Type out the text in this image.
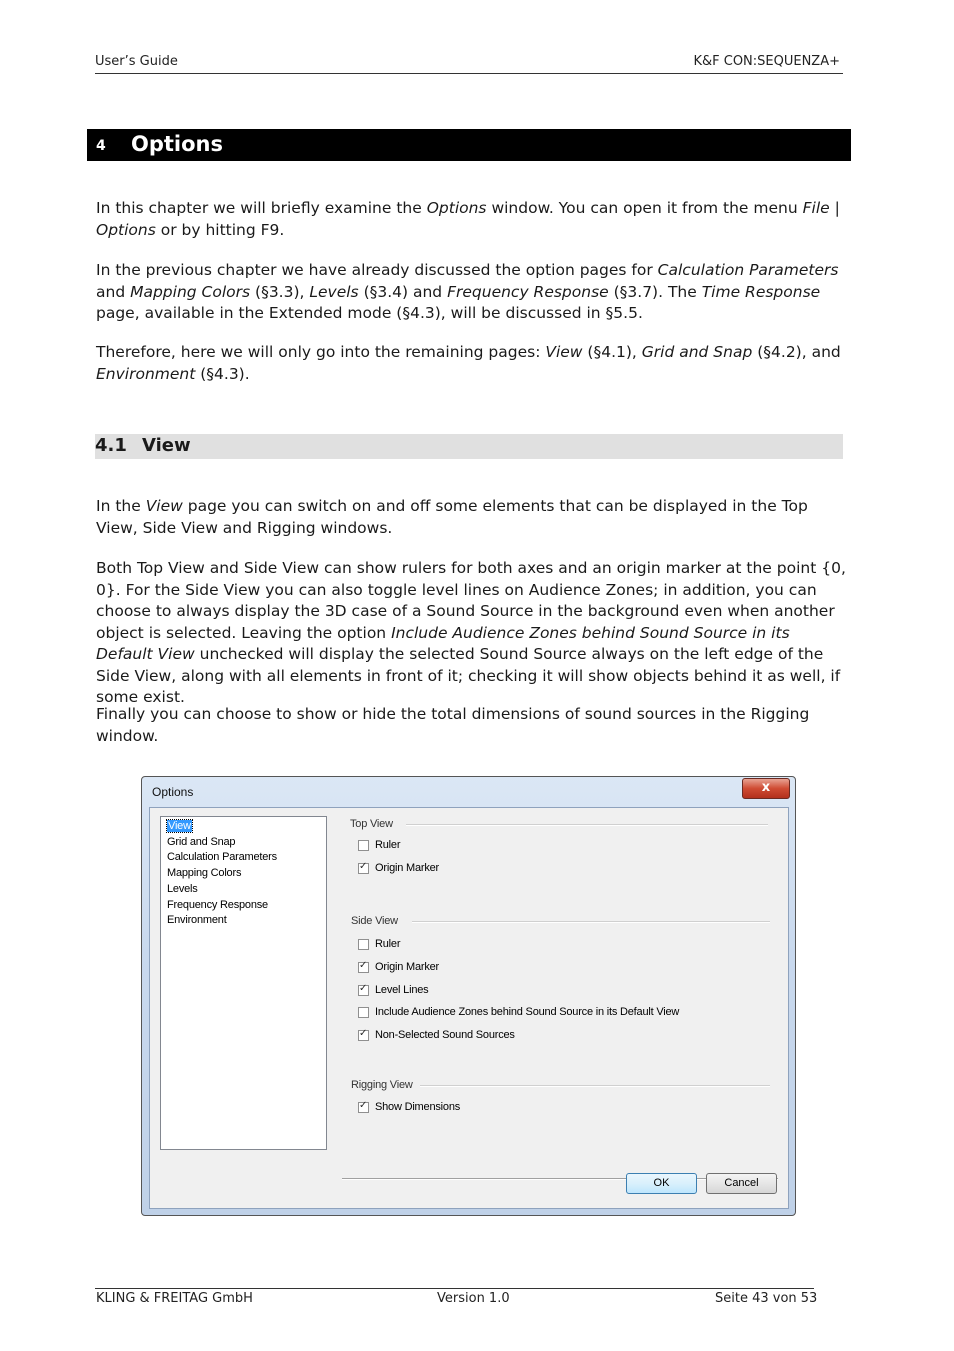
User’s Guide	K&F CON:SEQUENZA+
4 Options
In this chapter we will briefly examine the Options window. You can open it from the menu File | Options or by hitting F9.
In the previous chapter we have already discussed the option pages for Calculation Parameters and Mapping Colors (§3.3), Levels (§3.4) and Frequency Response (§3.7). The Time Response page, available in the Extended mode (§4.3), will be discussed in §5.5.
Therefore, here we will only go into the remaining pages: View (§4.1), Grid and Snap (§4.2), and Environment (§4.3).
4.1 View
In the View page you can switch on and off some elements that can be displayed in the Top View, Side View and Rigging windows.
Both Top View and Side View can show rulers for both axes and an origin marker at the point {0, 0}. For the Side View you can also toggle level lines on Audience Zones; in addition, you can choose to always display the 3D case of a Sound Source in the background even when another object is selected. Leaving the option Include Audience Zones behind Sound Source in its Default View unchecked will display the selected Sound Source always on the left edge of the Side View, along with all elements in front of it; checking it will show objects behind it as well, if some exist.
Finally you can choose to show or hide the total dimensions of sound sources in the Rigging window.
Options	x
View
Grid and Snap
Calculation Parameters
Mapping Colors
Levels
Frequency Response
Environment
Top View
Ruler
✓
Origin Marker
Side View
Ruler
✓
Origin Marker
✓
Level Lines
Include Audience Zones behind Sound Source in its Default View
✓
Non-Selected Sound Sources
Rigging View
✓
Show Dimensions
OK	Cancel
KLING & FREITAG GmbH	Version 1.0	Seite 43 von 53
